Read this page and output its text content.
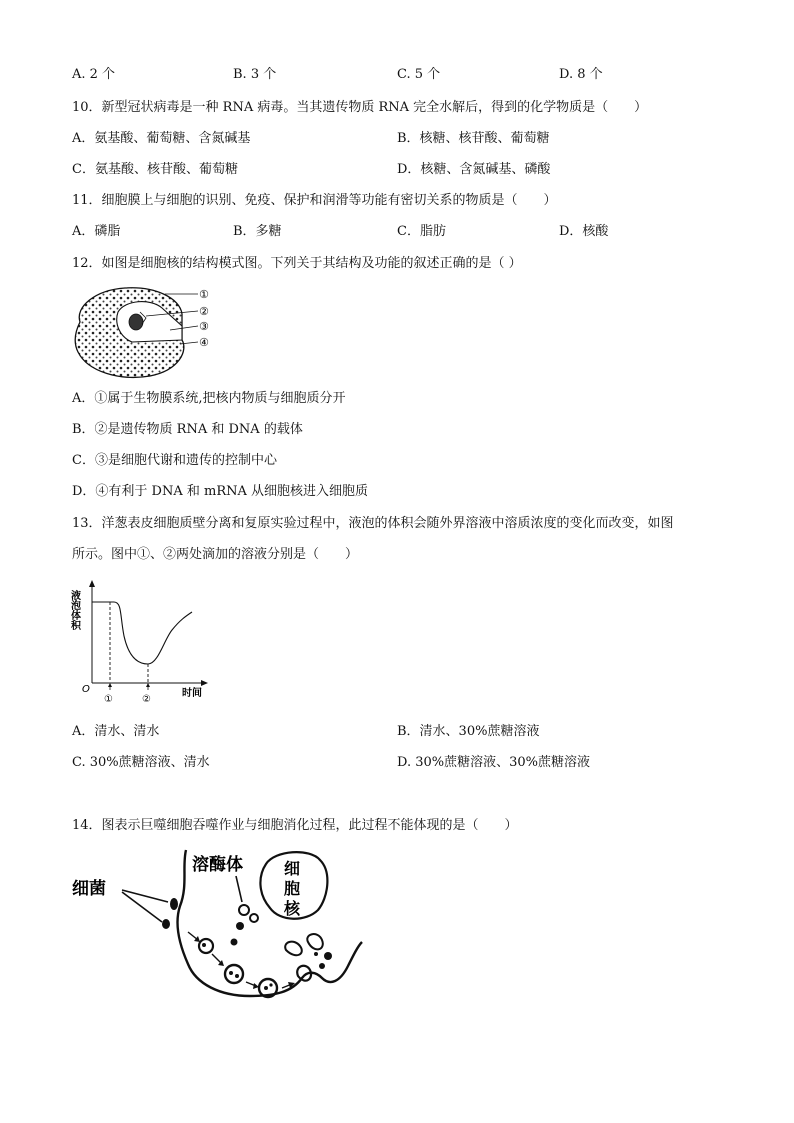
A. 2 个	B. 3 个	C. 5 个	D. 8 个
10．新型冠状病毒是一种 RNA 病毒。当其遗传物质 RNA 完全水解后，得到的化学物质是（　　）
A．氨基酸、葡萄糖、含氮碱基	B．核糖、核苷酸、葡萄糖
C．氨基酸、核苷酸、葡萄糖	D．核糖、含氮碱基、磷酸
11．细胞膜上与细胞的识别、免疫、保护和润滑等功能有密切关系的物质是（　　）
A．磷脂	B．多糖	C．脂肪	D．核酸
12．如图是细胞核的结构模式图。下列关于其结构及功能的叙述正确的是（ ）
①
②
③
④
A．①属于生物膜系统,把核内物质与细胞质分开
B．②是遗传物质 RNA 和 DNA 的载体
C．③是细胞代谢和遗传的控制中心
D．④有利于 DNA 和 mRNA 从细胞核进入细胞质
13．洋葱表皮细胞质壁分离和复原实验过程中，液泡的体积会随外界溶液中溶质浓度的变化而改变，如图
所示。图中①、②两处滴加的溶液分别是（　　）
液泡体积
O
①	②
时间
A．清水、清水	B．清水、30%蔗糖溶液
C. 30%蔗糖溶液、清水	D. 30%蔗糖溶液、30%蔗糖溶液
14．图表示巨噬细胞吞噬作业与细胞消化过程，此过程不能体现的是（　　）
细菌
溶酶体	细
胞
核
